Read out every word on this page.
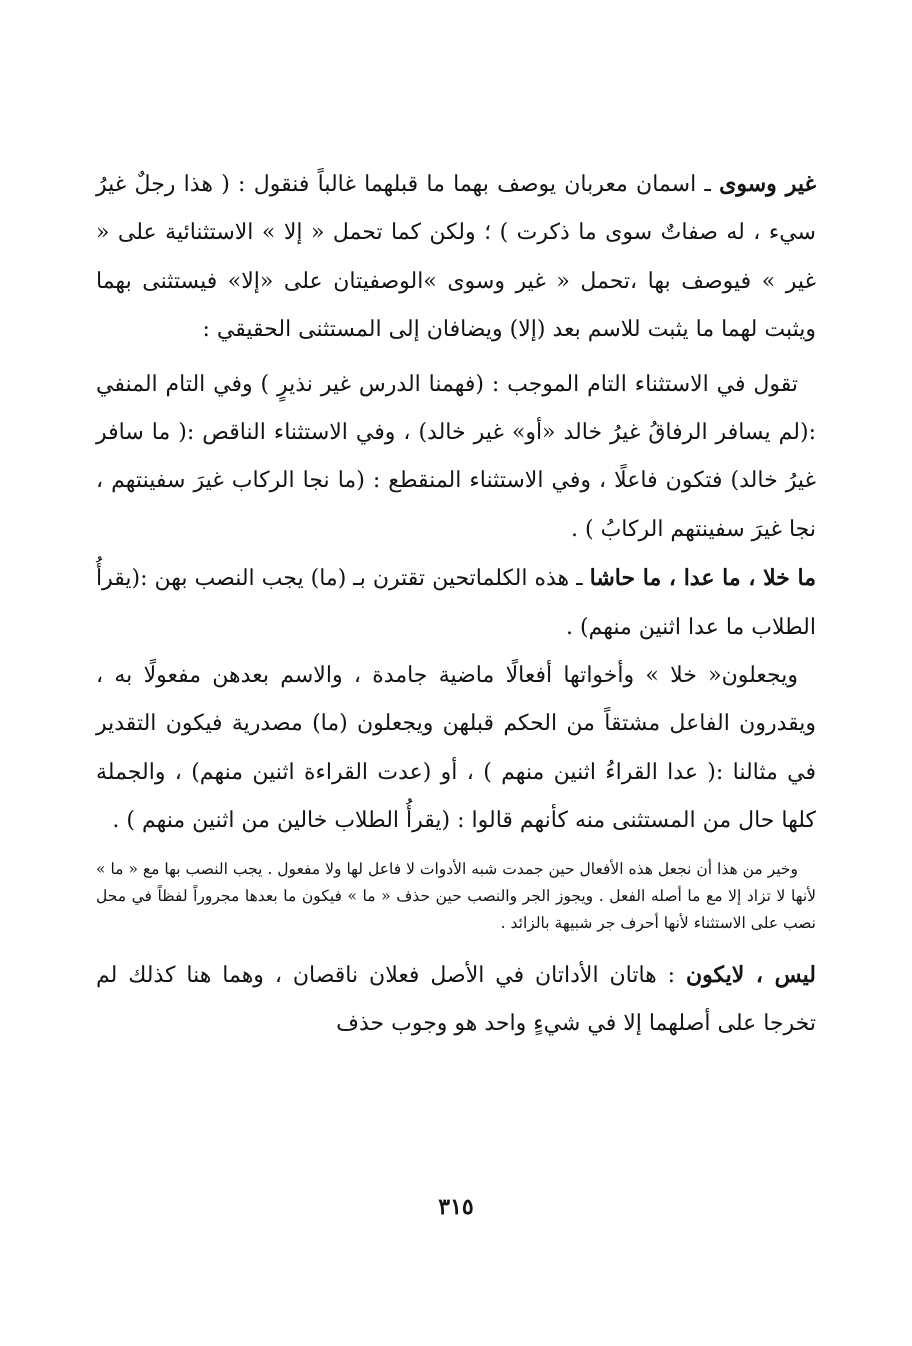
غير وسوى ـ اسمان معربان يوصف بهما ما قبلهما غالباً فنقول : ( هذا رجلٌ غيرُ سيء ، له صفاتٌ سوى ما ذكرت ) ؛ ولكن كما تحمل « إلا » الاستثنائية على « غير » فيوصف بها ،تحمل « غير وسوى »الوصفيتان على «إلا» فيستثنى بهما ويثبت لهما ما يثبت للاسم بعد (إلا) ويضافان إلى المستثنى الحقيقي :

تقول في الاستثناء التام الموجب : (فهمنا الدرس غير نذيرٍ ) وفي التام المنفي :(لم يسافر الرفاقُ غيرُ خالد «أو» غير خالد) ، وفي الاستثناء الناقص :( ما سافر غيرُ خالد) فتكون فاعلًا ، وفي الاستثناء المنقطع : (ما نجا الركاب غيرَ سفينتهم ، نجا غيرَ سفينتهم الركابُ ) .

ما خلا ، ما عدا ، ما حاشا ـ هذه الكلماتحين تقترن بـ (ما) يجب النصب بهن :(يقرأُ الطلاب ما عدا اثنين منهم) .

ويجعلون« خلا » وأخواتها أفعالًا ماضية جامدة ، والاسم بعدهن مفعولًا به ، ويقدرون الفاعل مشتقاً من الحكم قبلهن ويجعلون (ما) مصدرية فيكون التقدير في مثالنا :( عدا القراءُ اثنين منهم ) ، أو (عدت القراءة اثنين منهم) ، والجملة كلها حال من المستثنى منه كأنهم قالوا : (يقرأُ الطلاب خالين من اثنين منهم ) .

وخير من هذا أن نجعل هذه الأفعال حين جمدت شبه الأدوات لا فاعل لها ولا مفعول . يجب النصب بها مع « ما » لأنها لا تزاد إلا مع ما أصله الفعل . ويجوز الجر والنصب حين حذف « ما » فيكون ما بعدها مجروراً لفظاً في محل نصب على الاستثناء لأنها أحرف جر شبيهة بالزائد .

ليس ، لايكون : هاتان الأداتان في الأصل فعلان ناقصان ، وهما هنا كذلك لم تخرجا على أصلهما إلا في شيءٍ واحد هو وجوب حذف

٣١٥
